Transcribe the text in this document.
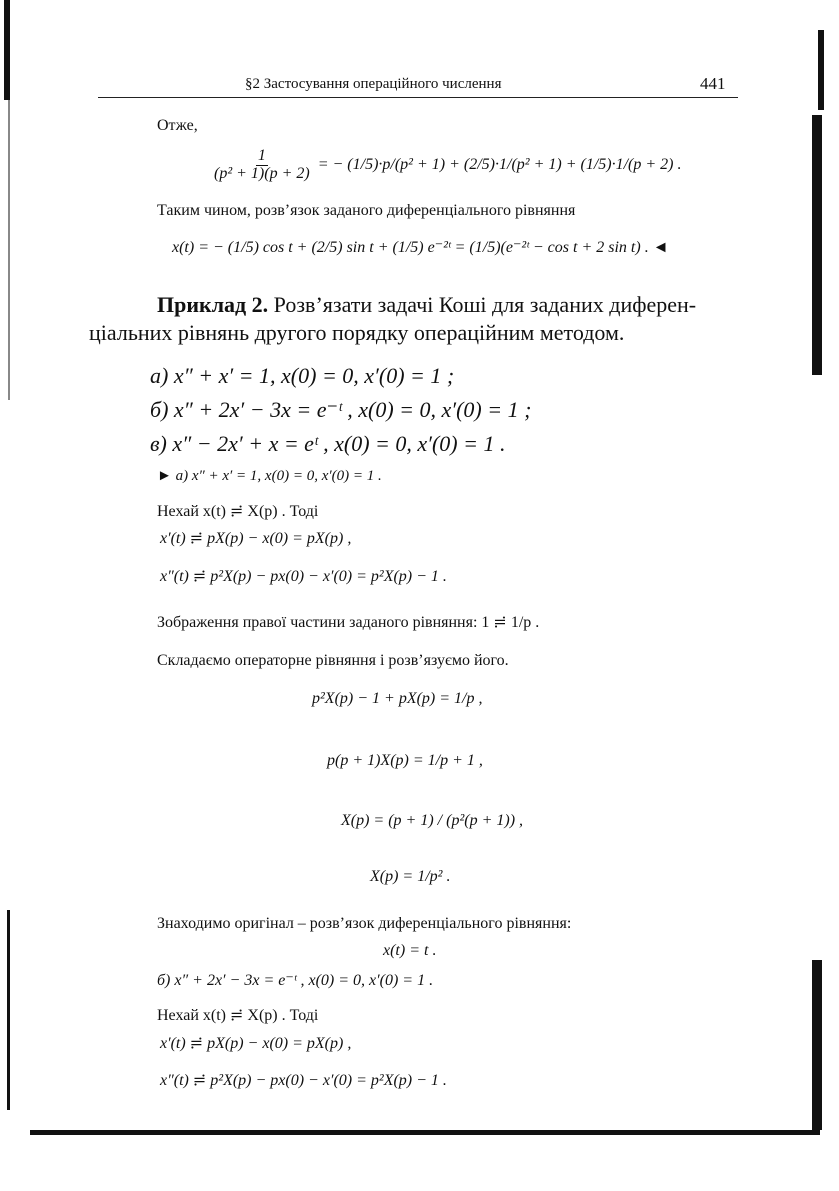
§2 Застосування операційного числення	441
Отже,
$\frac{1}{\text{(p² + 1)(p + 2)}}$ = − (1/5)·p/(p² + 1) + (2/5)·1/(p² + 1) + (1/5)·1/(p + 2) .
Таким чином, розв’язок заданого диференціального рівняння
x(t) = − (1/5) cos t + (2/5) sin t + (1/5) e⁻²ᵗ = (1/5)(e⁻²ᵗ − cos t + 2 sin t) . ◄
Приклад 2. Розв’язати задачі Коші для заданих диферен-
ціальних рівнянь другого порядку операційним методом.
а) x″ + x′ = 1, x(0) = 0, x′(0) = 1 ;
б) x″ + 2x′ − 3x = e⁻ᵗ , x(0) = 0, x′(0) = 1 ;
в) x″ − 2x′ + x = eᵗ , x(0) = 0, x′(0) = 1 .
► а) x″ + x′ = 1, x(0) = 0, x′(0) = 1 .
Нехай x(t) ≓ X(p) . Тоді
x′(t) ≓ pX(p) − x(0) = pX(p) ,
x″(t) ≓ p²X(p) − px(0) − x′(0) = p²X(p) − 1 .
Зображення правої частини заданого рівняння: 1 ≓ 1/p .
Складаємо операторне рівняння і розв’язуємо його.
p²X(p) − 1 + pX(p) = 1/p ,
p(p + 1)X(p) = 1/p + 1 ,
X(p) = (p + 1) / (p²(p + 1)) ,
X(p) = 1/p² .
Знаходимо оригінал – розв’язок диференціального рівняння:
x(t) = t .
б) x″ + 2x′ − 3x = e⁻ᵗ , x(0) = 0, x′(0) = 1 .
Нехай x(t) ≓ X(p) . Тоді
x′(t) ≓ pX(p) − x(0) = pX(p) ,
x″(t) ≓ p²X(p) − px(0) − x′(0) = p²X(p) − 1 .
